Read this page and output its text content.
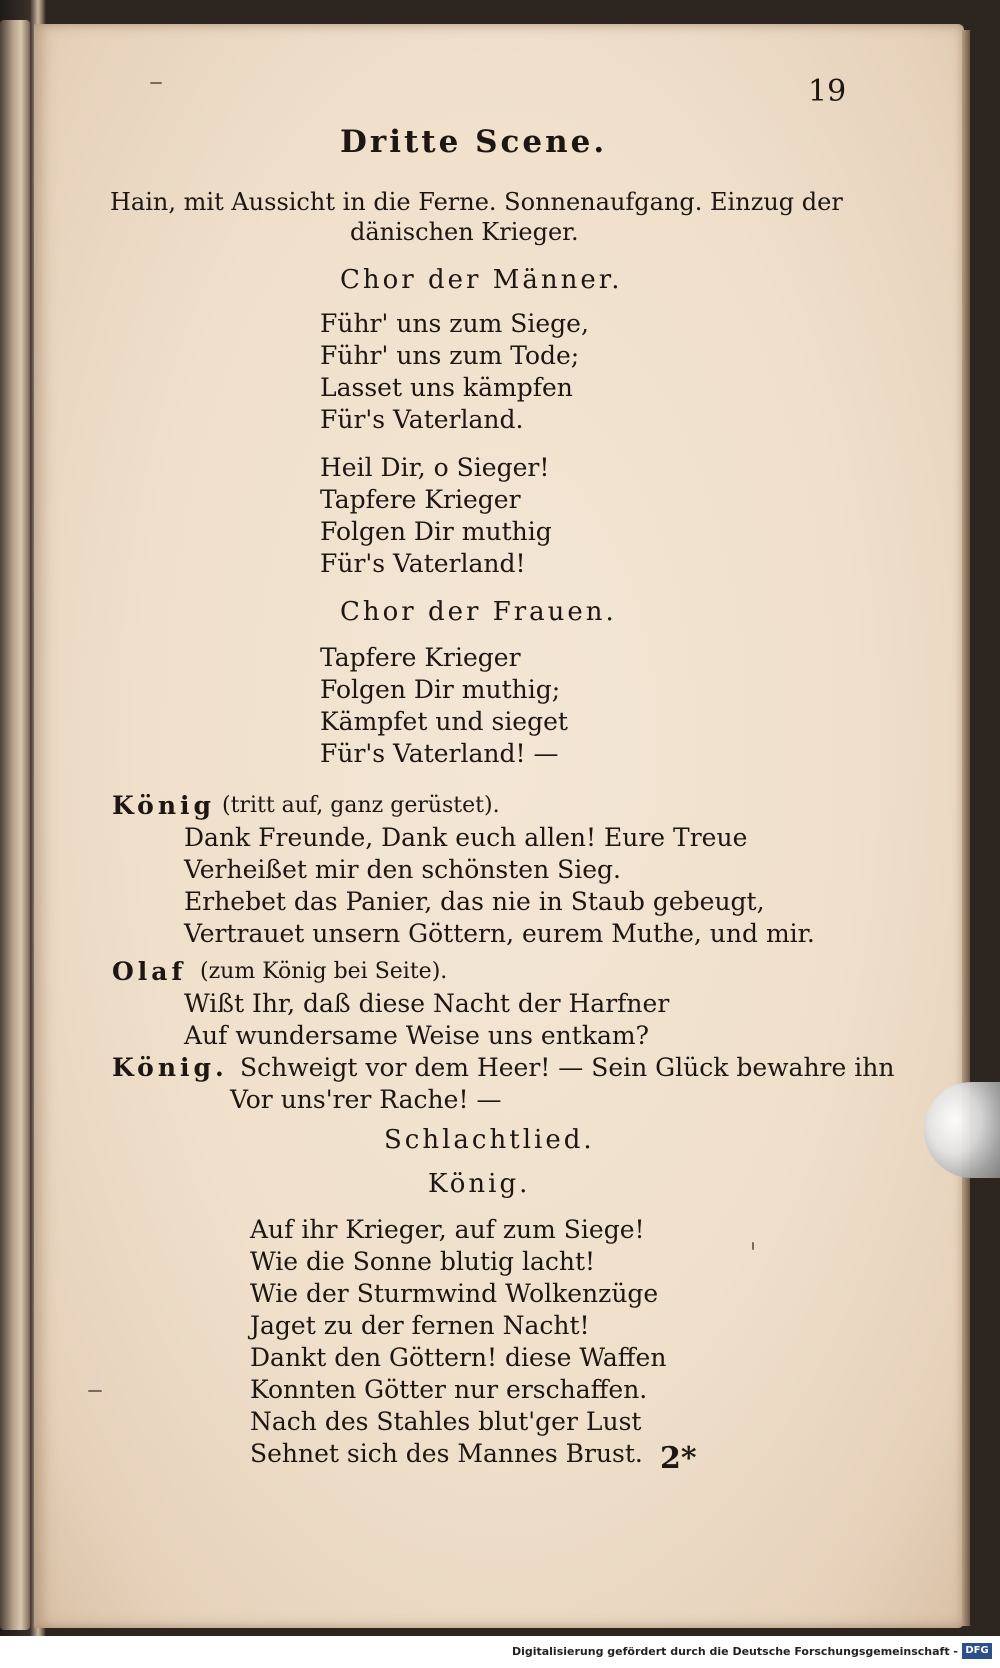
19
Dritte Scene.
Hain, mit Aussicht in die Ferne. Sonnenaufgang. Einzug der
dänischen Krieger.
Chor der Männer.
Führ' uns zum Siege,
Führ' uns zum Tode;
Lasset uns kämpfen
Für's Vaterland.
Heil Dir, o Sieger!
Tapfere Krieger
Folgen Dir muthig
Für's Vaterland!
Chor der Frauen.
Tapfere Krieger
Folgen Dir muthig;
Kämpfet und sieget
Für's Vaterland! —
König (tritt auf, ganz gerüstet).
Dank Freunde, Dank euch allen! Eure Treue
Verheißet mir den schönsten Sieg.
Erhebet das Panier, das nie in Staub gebeugt,
Vertrauet unsern Göttern, eurem Muthe, und mir.
Olaf (zum König bei Seite).
Wißt Ihr, daß diese Nacht der Harfner
Auf wundersame Weise uns entkam?
König. Schweigt vor dem Heer! — Sein Glück bewahre ihn
Vor uns'rer Rache! —
Schlachtlied.
König.
Auf ihr Krieger, auf zum Siege!
Wie die Sonne blutig lacht!
Wie der Sturmwind Wolkenzüge
Jaget zu der fernen Nacht!
Dankt den Göttern! diese Waffen
Konnten Götter nur erschaffen.
Nach des Stahles blut'ger Lust
Sehnet sich des Mannes Brust. 2*
Digitalisierung gefördert durch die Deutsche Forschungsgemeinschaft - DFG
